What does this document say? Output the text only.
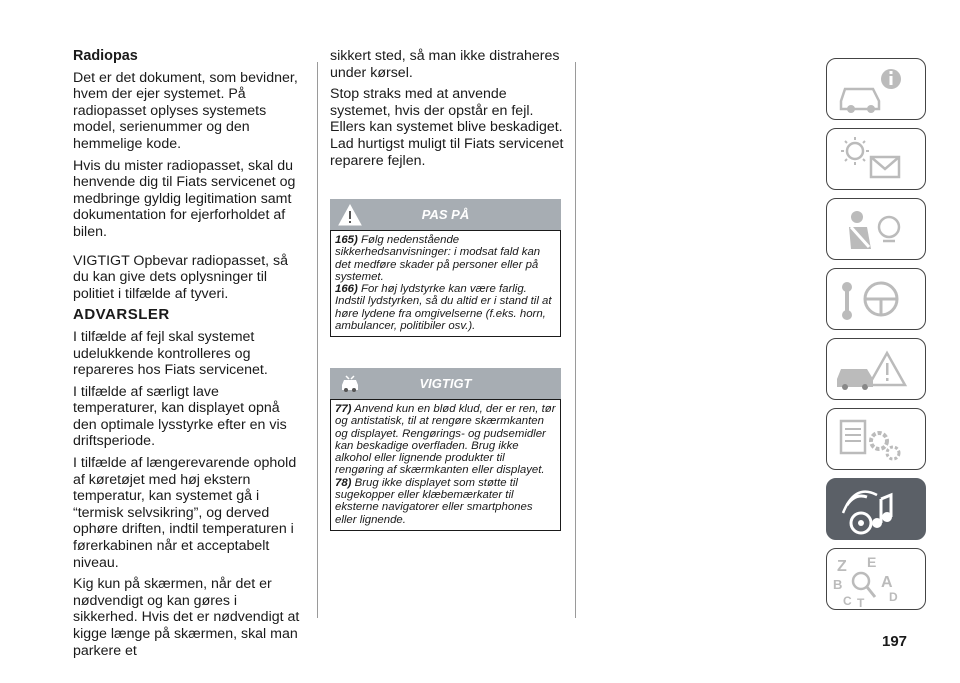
Radiopas

Det er det dokument, som bevidner, hvem der ejer systemet. På radiopasset oplyses systemets model, serienummer og den hemmelige kode.

Hvis du mister radiopasset, skal du henvende dig til Fiats servicenet og medbringe gyldig legitimation samt dokumentation for ejerforholdet af bilen.

VIGTIGT Opbevar radiopasset, så du kan give dets oplysninger til politiet i tilfælde af tyveri.

ADVARSLER

I tilfælde af fejl skal systemet udelukkende kontrolleres og repareres hos Fiats servicenet.

I tilfælde af særligt lave temperaturer, kan displayet opnå den optimale lysstyrke efter en vis driftsperiode.

I tilfælde af længerevarende ophold af køretøjet med høj ekstern temperatur, kan systemet gå i “termisk selvsikring”, og derved ophøre driften, indtil temperaturen i førerkabinen når et acceptabelt niveau.

Kig kun på skærmen, når det er nødvendigt og kan gøres i sikkerhed. Hvis det er nødvendigt at kigge længe på skærmen, skal man parkere et

sikkert sted, så man ikke distraheres under kørsel.

Stop straks med at anvende systemet, hvis der opstår en fejl. Ellers kan systemet blive beskadiget. Lad hurtigst muligt til Fiats servicenet reparere fejlen.

PAS PÅ

165) Følg nedenstående sikkerhedsanvisninger: i modsat fald kan det medføre skader på personer eller på systemet.

166) For høj lydstyrke kan være farlig. Indstil lydstyrken, så du altid er i stand til at høre lydene fra omgivelserne (f.eks. horn, ambulancer, politibiler osv.).

VIGTIGT

77) Anvend kun en blød klud, der er ren, tør og antistatisk, til at rengøre skærmkanten og displayet. Rengørings- og pudsemidler kan beskadige overfladen. Brug ikke alkohol eller lignende produkter til rengøring af skærmkanten eller displayet.

78) Brug ikke displayet som støtte til sugekopper eller klæbemærkater til eksterne navigatorer eller smartphones eller lignende.

Z E
B A
C T D
197
